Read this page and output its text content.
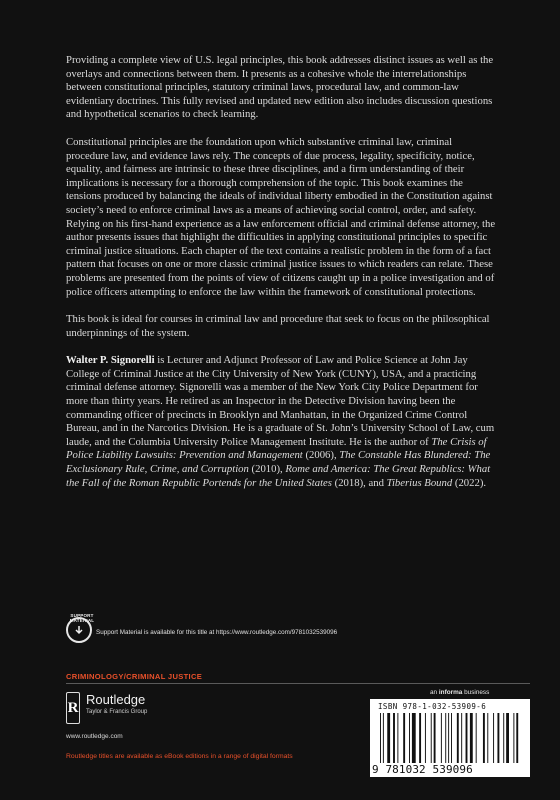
Providing a complete view of U.S. legal principles, this book addresses distinct issues as well as the overlays and connections between them. It presents as a cohesive whole the interrelationships between constitutional principles, statutory criminal laws, procedural law, and common-law evidentiary doctrines. This fully revised and updated new edition also includes discussion questions and hypothetical scenarios to check learning.

Constitutional principles are the foundation upon which substantive criminal law, criminal procedure law, and evidence laws rely. The concepts of due process, legality, specificity, notice, equality, and fairness are intrinsic to these three disciplines, and a firm understanding of their implications is necessary for a thorough comprehension of the topic. This book examines the tensions produced by balancing the ideals of individual liberty embodied in the Constitution against society’s need to enforce criminal laws as a means of achieving social control, order, and safety. Relying on his first-hand experience as a law enforcement official and criminal defense attorney, the author presents issues that highlight the difficulties in applying constitutional principles to specific criminal justice situations. Each chapter of the text contains a realistic problem in the form of a fact pattern that focuses on one or more classic criminal justice issues to which readers can relate. These problems are presented from the points of view of citizens caught up in a police investigation and of police officers attempting to enforce the law within the framework of constitutional protections.

This book is ideal for courses in criminal law and procedure that seek to focus on the philosophical underpinnings of the system.

Walter P. Signorelli is Lecturer and Adjunct Professor of Law and Police Science at John Jay College of Criminal Justice at the City University of New York (CUNY), USA, and a practicing criminal defense attorney. Signorelli was a member of the New York City Police Department for more than thirty years. He retired as an Inspector in the Detective Division having been the commanding officer of precincts in Brooklyn and Manhattan, in the Organized Crime Control Bureau, and in the Narcotics Division. He is a graduate of St. John’s University School of Law, cum laude, and the Columbia University Police Management Institute. He is the author of The Crisis of Police Liability Lawsuits: Prevention and Management (2006), The Constable Has Blundered: The Exclusionary Rule, Crime, and Corruption (2010), Rome and America: The Great Republics: What the Fall of the Roman Republic Portends for the United States (2018), and Tiberius Bound (2022).

SUPPORT MATERIAL
Support Material is available for this title at https://www.routledge.com/9781032539096
CRIMINOLOGY/CRIMINAL JUSTICE
R
Routledge
Taylor & Francis Group
www.routledge.com
Routledge titles are available as eBook editions in a range of digital formats
an informa business
ISBN 978-1-032-53909-6
9 781032 539096
